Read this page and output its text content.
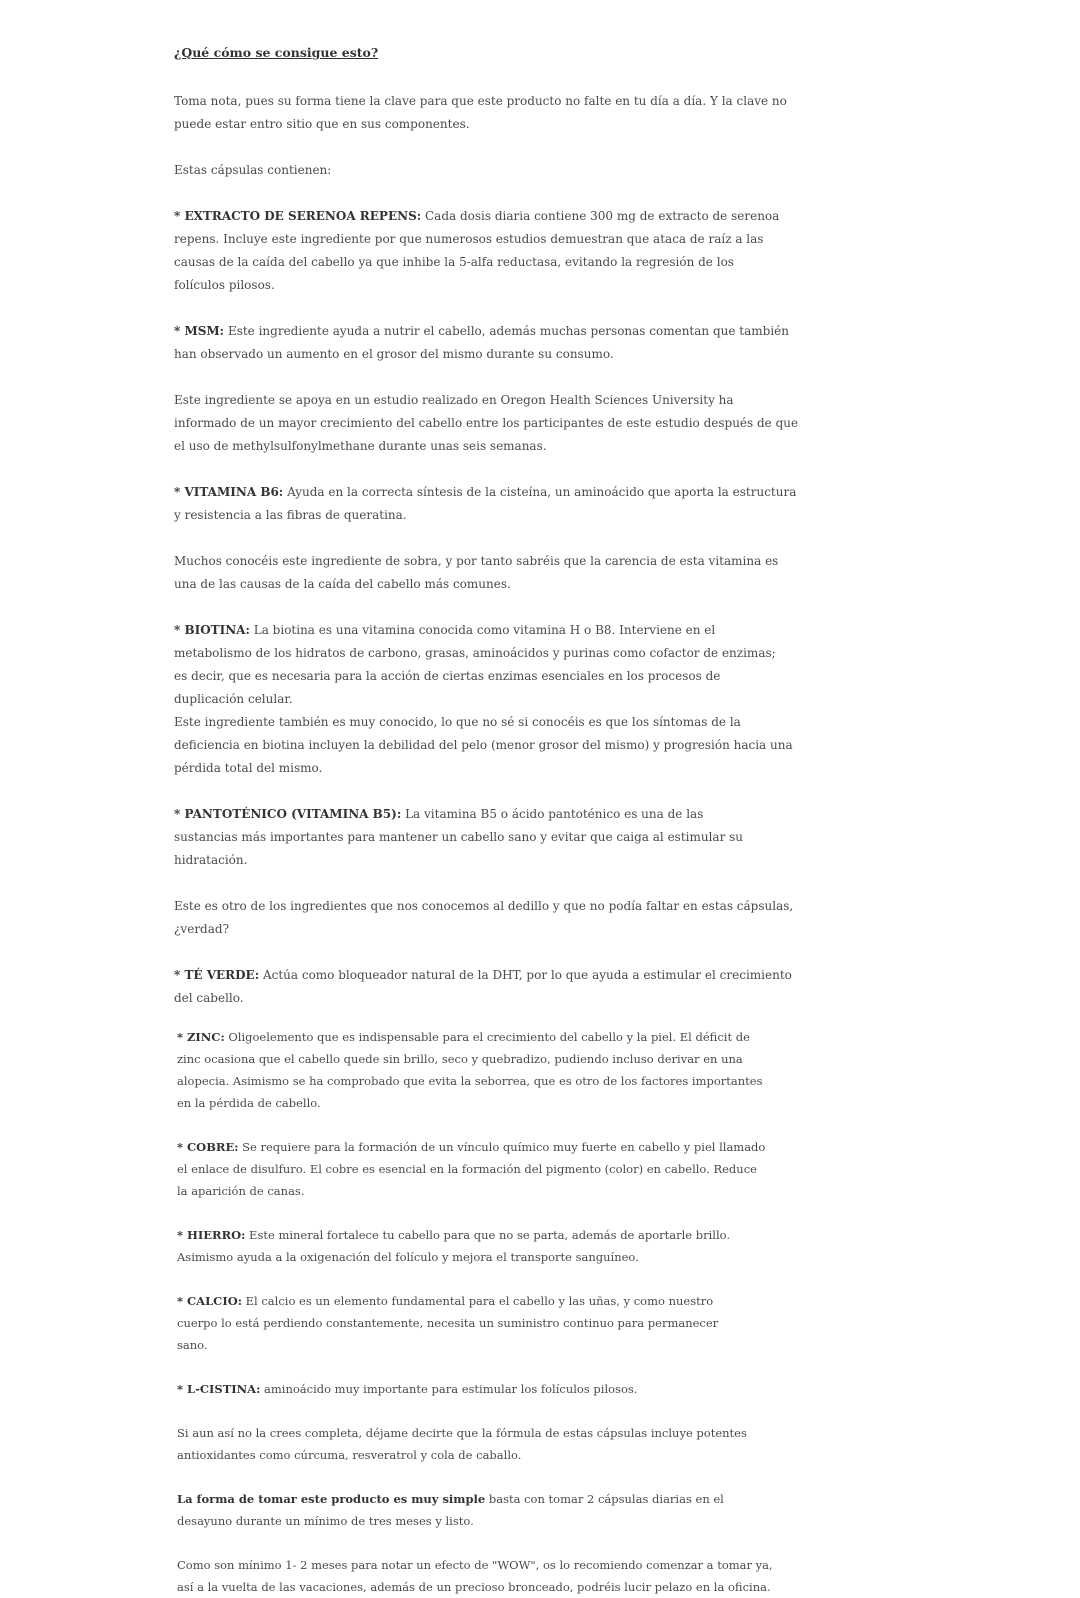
¿Qué cómo se consigue esto?

Toma nota, pues su forma tiene la clave para que este producto no falte en tu día a día. Y la clave no puede estar entro sitio que en sus componentes.

Estas cápsulas contienen:

* EXTRACTO DE SERENOA REPENS: Cada dosis diaria contiene 300 mg de extracto de serenoa repens. Incluye este ingrediente por que numerosos estudios demuestran que ataca de raíz a las causas de la caída del cabello ya que inhibe la 5-alfa reductasa, evitando la regresión de los folículos pilosos.

* MSM: Este ingrediente ayuda a nutrir el cabello, además muchas personas comentan que también han observado un aumento en el grosor del mismo durante su consumo.

Este ingrediente se apoya en un estudio realizado en Oregon Health Sciences University ha informado de un mayor crecimiento del cabello entre los participantes de este estudio después de que el uso de methylsulfonylmethane durante unas seis semanas.

* VITAMINA B6: Ayuda en la correcta síntesis de la cisteína, un aminoácido que aporta la estructura y resistencia a las fibras de queratina.

Muchos conocéis este ingrediente de sobra, y por tanto sabréis que la carencia de esta vitamina es una de las causas de la caída del cabello más comunes.

* BIOTINA: La biotina es una vitamina conocida como vitamina H o B8. Interviene en el metabolismo de los hidratos de carbono, grasas, aminoácidos y purinas como cofactor de enzimas; es decir, que es necesaria para la acción de ciertas enzimas esenciales en los procesos de duplicación celular.

Este ingrediente también es muy conocido, lo que no sé si conocéis es que los síntomas de la deficiencia en biotina incluyen la debilidad del pelo (menor grosor del mismo) y progresión hacia una pérdida total del mismo.

* PANTOTÉNICO (VITAMINA B5): La vitamina B5 o ácido pantoténico es una de las sustancias más importantes para mantener un cabello sano y evitar que caiga al estimular su hidratación.

Este es otro de los ingredientes que nos conocemos al dedillo y que no podía faltar en estas cápsulas, ¿verdad?

* TÉ VERDE: Actúa como bloqueador natural de la DHT, por lo que ayuda a estimular el crecimiento del cabello.

* ZINC: Oligoelemento que es indispensable para el crecimiento del cabello y la piel. El déficit de zinc ocasiona que el cabello quede sin brillo, seco y quebradizo, pudiendo incluso derivar en una alopecia. Asimismo se ha comprobado que evita la seborrea, que es otro de los factores importantes en la pérdida de cabello.

* COBRE: Se requiere para la formación de un vínculo químico muy fuerte en cabello y piel llamado el enlace de disulfuro. El cobre es esencial en la formación del pigmento (color) en cabello. Reduce la aparición de canas.

* HIERRO: Este mineral fortalece tu cabello para que no se parta, además de aportarle brillo. Asimismo ayuda a la oxigenación del folículo y mejora el transporte sanguíneo.

* CALCIO: El calcio es un elemento fundamental para el cabello y las uñas, y como nuestro cuerpo lo está perdiendo constantemente, necesita un suministro continuo para permanecer sano.

* L-CISTINA: aminoácido muy importante para estimular los folículos pilosos.

Si aun así no la crees completa, déjame decirte que la fórmula de estas cápsulas incluye potentes antioxidantes como cúrcuma, resveratrol y cola de caballo.

La forma de tomar este producto es muy simple basta con tomar 2 cápsulas diarias en el desayuno durante un mínimo de tres meses y listo.

Como son mínimo 1- 2 meses para notar un efecto de "WOW", os lo recomiendo comenzar a tomar ya, así a la vuelta de las vacaciones, además de un precioso bronceado, podréis lucir pelazo en la oficina.
